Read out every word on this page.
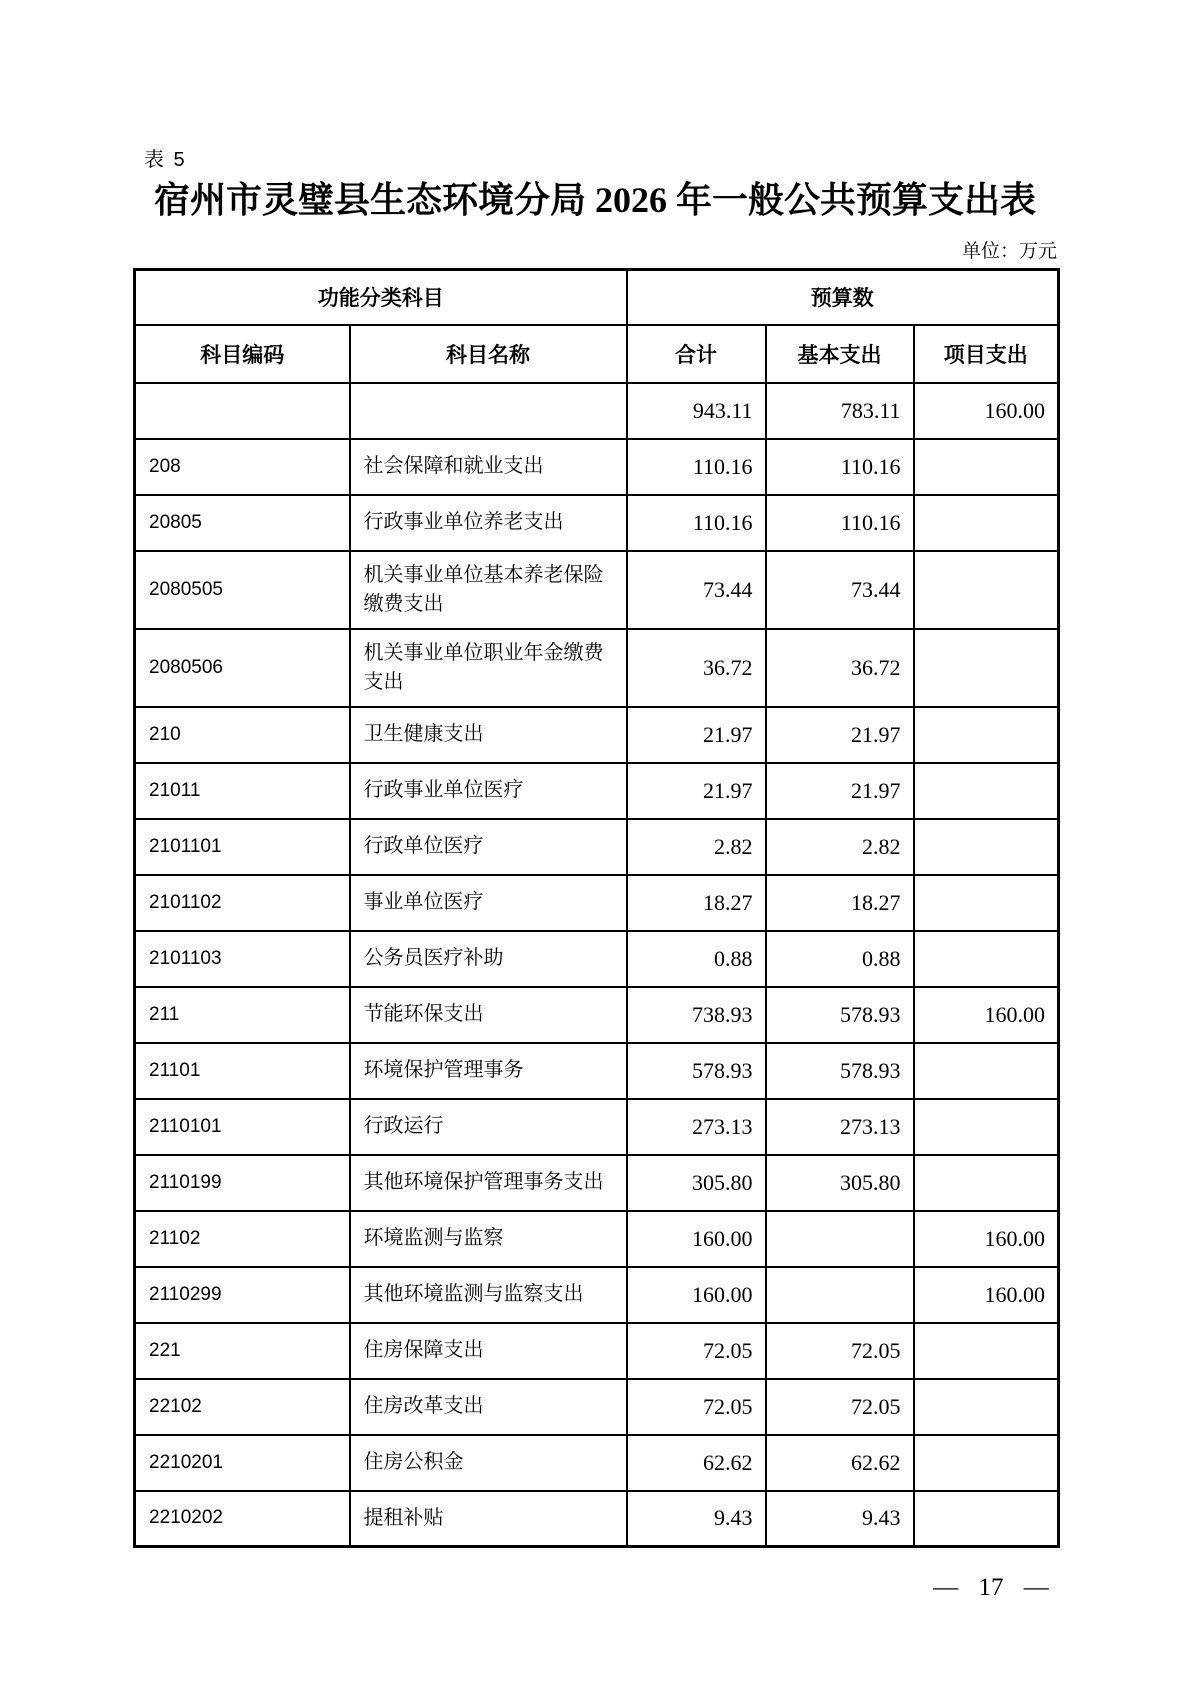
表 5
宿州市灵璧县生态环境分局 2026 年一般公共预算支出表
单位：万元
功能分类科目		预算数		
科目编码	科目名称	合计	基本支出	项目支出
		943.11	783.11	160.00
208	社会保障和就业支出	110.16	110.16	
20805	行政事业单位养老支出	110.16	110.16	
2080505	机关事业单位基本养老保险缴费支出	73.44	73.44	
2080506	机关事业单位职业年金缴费支出	36.72	36.72	
210	卫生健康支出	21.97	21.97	
21011	行政事业单位医疗	21.97	21.97	
2101101	行政单位医疗	2.82	2.82	
2101102	事业单位医疗	18.27	18.27	
2101103	公务员医疗补助	0.88	0.88	
211	节能环保支出	738.93	578.93	160.00
21101	环境保护管理事务	578.93	578.93	
2110101	行政运行	273.13	273.13	
2110199	其他环境保护管理事务支出	305.80	305.80	
21102	环境监测与监察	160.00		160.00
2110299	其他环境监测与监察支出	160.00		160.00
221	住房保障支出	72.05	72.05	
22102	住房改革支出	72.05	72.05	
2210201	住房公积金	62.62	62.62	
2210202	提租补贴	9.43	9.43	
— 17 —
